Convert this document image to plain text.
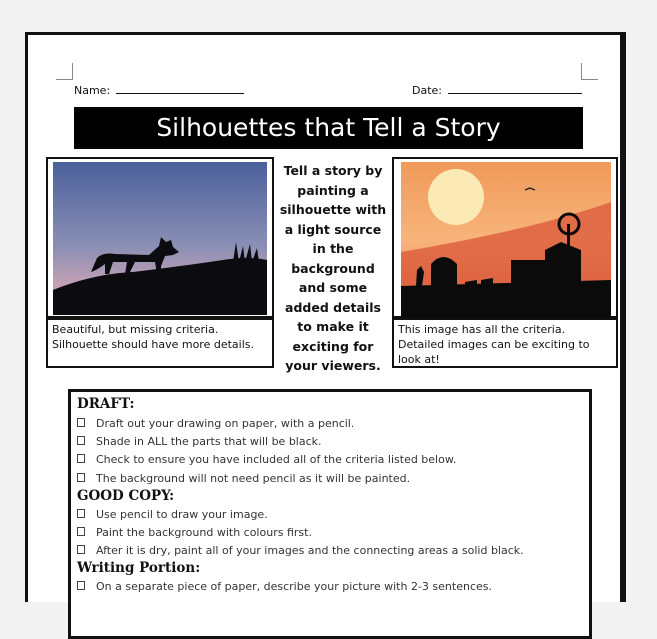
Name:	Date:
Silhouettes that Tell a Story
Beautiful, but missing criteria. Silhouette should have more details.
Tell a story by painting a silhouette with a light source in the background and some added details to make it exciting for your viewers.
This image has all the criteria. Detailed images can be exciting to look at!
DRAFT:
Draft out your drawing on paper, with a pencil.
Shade in ALL the parts that will be black.
Check to ensure you have included all of the criteria listed below.
The background will not need pencil as it will be painted.
GOOD COPY:
Use pencil to draw your image.
Paint the background with colours first.
After it is dry, paint all of your images and the connecting areas a solid black.
Writing Portion:
On a separate piece of paper, describe your picture with 2-3 sentences.
